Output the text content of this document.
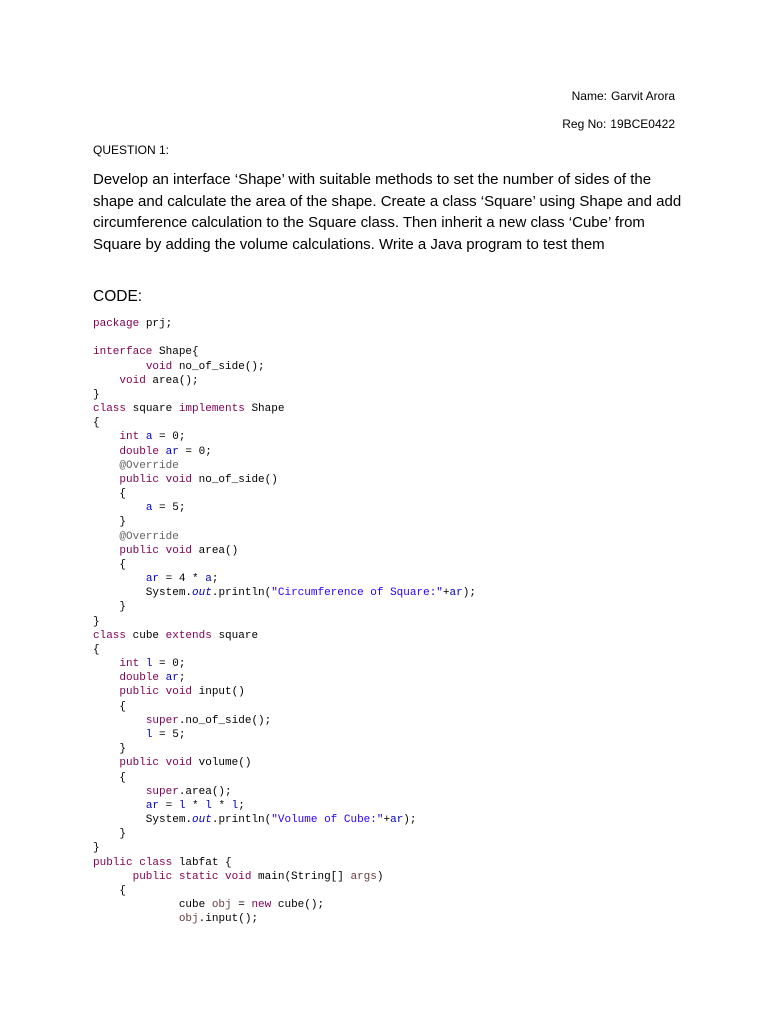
Name: Garvit Arora
Reg No: 19BCE0422
QUESTION 1:

Develop an interface ‘Shape’ with suitable methods to set the number of sides of the shape and calculate the area of the shape. Create a class ‘Square’ using Shape and add circumference calculation to the Square class. Then inherit a new class ‘Cube’ from Square by adding the volume calculations. Write a Java program to test them

CODE:
package prj;
interface Shape{
void no_of_side();
void area();
}
class square implements Shape
{
int a = 0;
double ar = 0;
@Override
public void no_of_side()
{
a = 5;
}
@Override
public void area()
{
ar = 4 * a;
System.out.println("Circumference of Square:"+ar);
}
}
class cube extends square
{
int l = 0;
double ar;
public void input()
{
super.no_of_side();
l = 5;
}
public void volume()
{
super.area();
ar = l * l * l;
System.out.println("Volume of Cube:"+ar);
}
}
public class labfat {
public static void main(String[] args)
{
cube obj = new cube();
obj.input();
